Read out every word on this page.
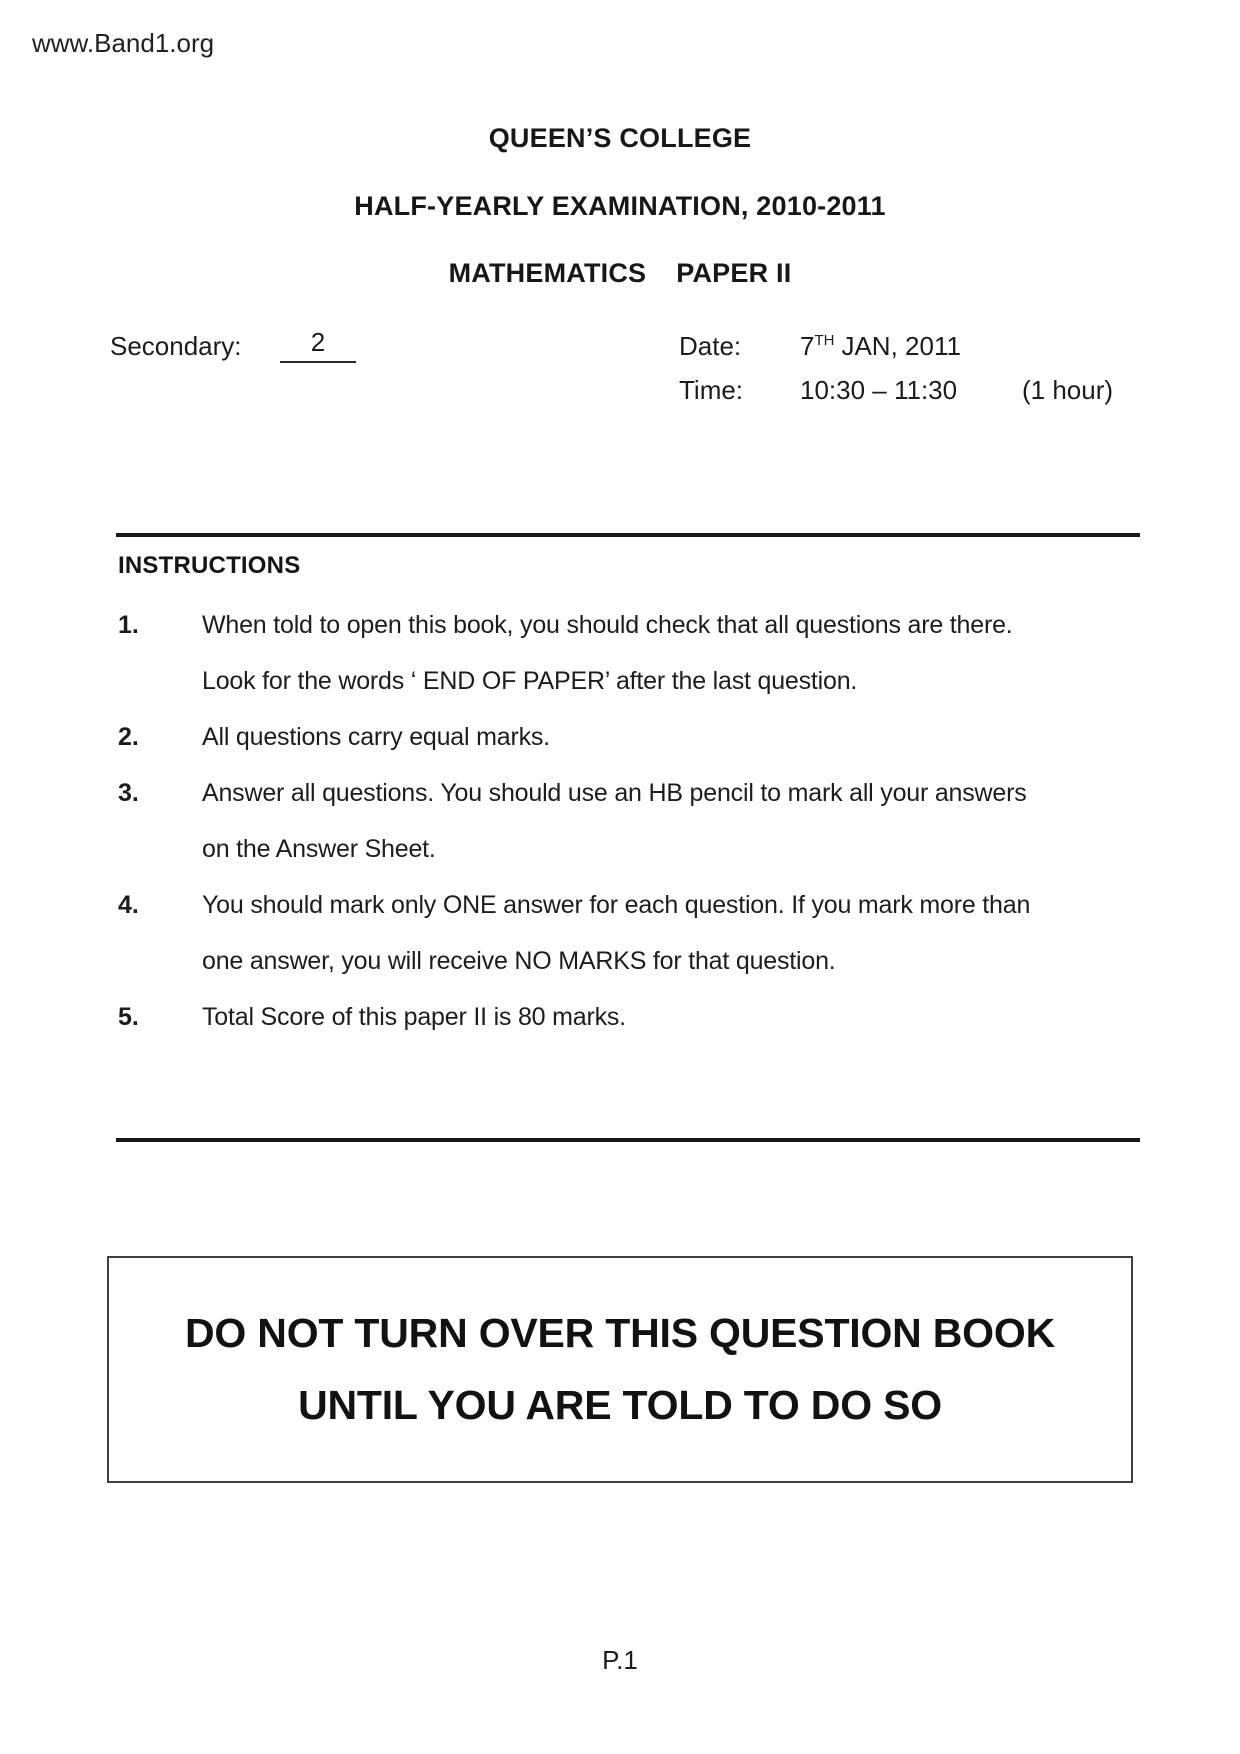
www.Band1.org
QUEEN’S COLLEGE
HALF-YEARLY EXAMINATION, 2010-2011
MATHEMATICS PAPER II
Secondary:	2	Date: 7TH JAN, 2011
Time: 10:30 – 11:30 (1 hour)
INSTRUCTIONS
1.	When told to open this book, you should check that all questions are there.
Look for the words ‘ END OF PAPER’ after the last question.
2.	All questions carry equal marks.
3.	Answer all questions. You should use an HB pencil to mark all your answers
on the Answer Sheet.
4.	You should mark only ONE answer for each question. If you mark more than
one answer, you will receive NO MARKS for that question.
5.	Total Score of this paper II is 80 marks.
DO NOT TURN OVER THIS QUESTION BOOK
UNTIL YOU ARE TOLD TO DO SO
P.1
